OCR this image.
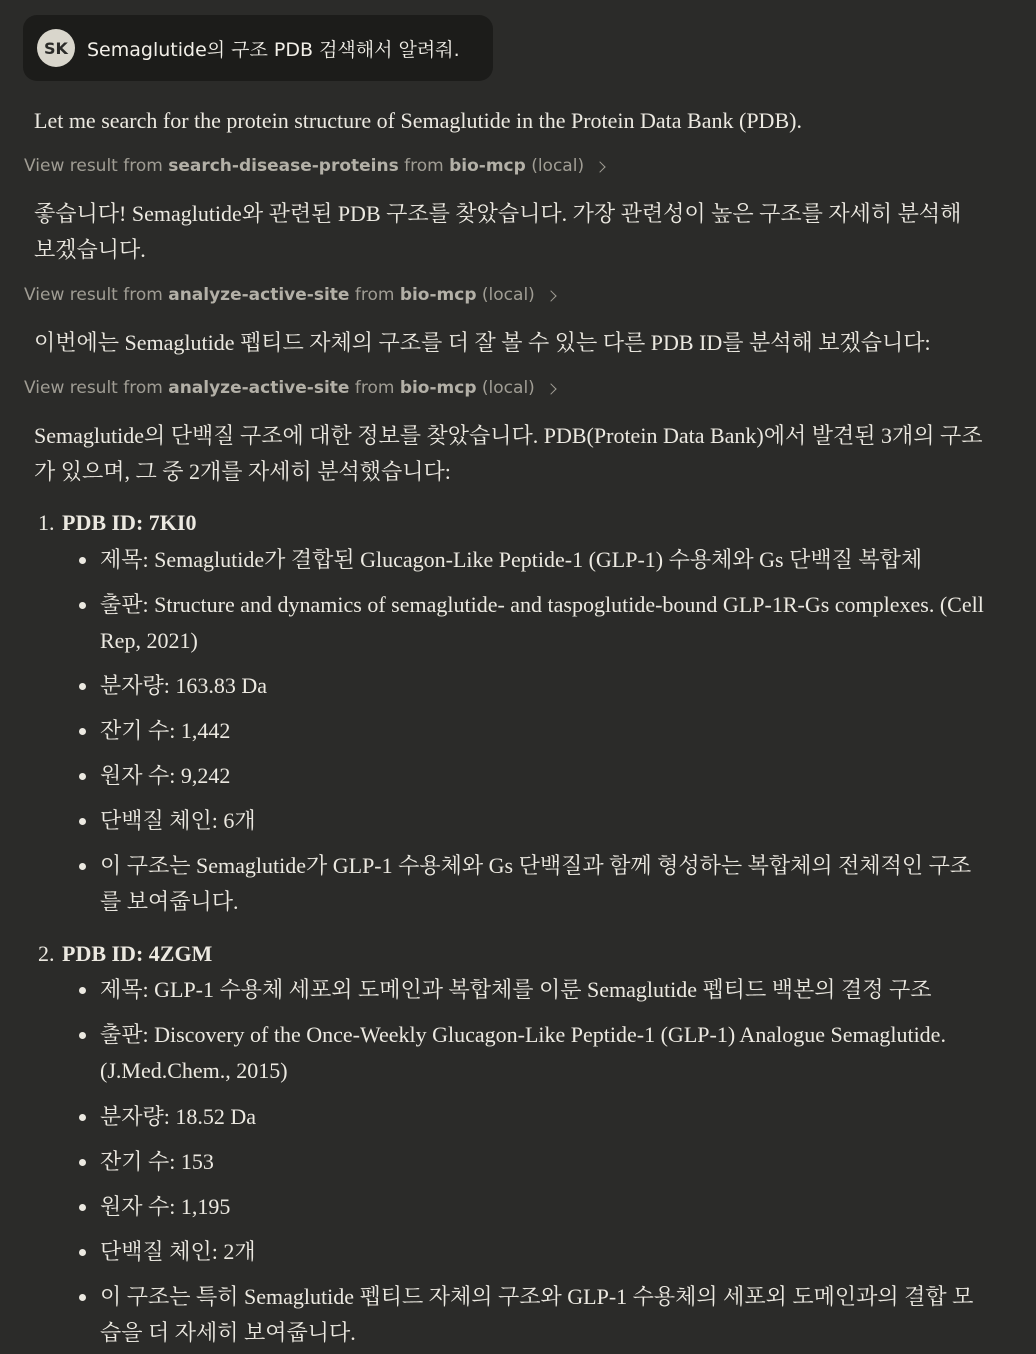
SK	Semaglutide의 구조 PDB 검색해서 알려줘.

Let me search for the protein structure of Semaglutide in the Protein Data Bank (PDB).

View result from
search-disease-proteins
from
bio-mcp
(local)

좋습니다! Semaglutide와 관련된 PDB 구조를 찾았습니다. 가장 관련성이 높은 구조를 자세히 분석해 보겠습니다.

View result from
analyze-active-site
from
bio-mcp
(local)

이번에는 Semaglutide 펩티드 자체의 구조를 더 잘 볼 수 있는 다른 PDB ID를 분석해 보겠습니다:

View result from
analyze-active-site
from
bio-mcp
(local)

Semaglutide의 단백질 구조에 대한 정보를 찾았습니다. PDB(Protein Data Bank)에서 발견된 3개의 구조가 있으며, 그 중 2개를 자세히 분석했습니다:

1. PDB ID: 7KI0
제목: Semaglutide가 결합된 Glucagon-Like Peptide-1 (GLP-1) 수용체와 Gs 단백질 복합체
출판: Structure and dynamics of semaglutide- and taspoglutide-bound GLP-1R-Gs complexes. (Cell Rep, 2021)
분자량: 163.83 Da
잔기 수: 1,442
원자 수: 9,242
단백질 체인: 6개
이 구조는 Semaglutide가 GLP-1 수용체와 Gs 단백질과 함께 형성하는 복합체의 전체적인 구조를 보여줍니다.
2. PDB ID: 4ZGM
제목: GLP-1 수용체 세포외 도메인과 복합체를 이룬 Semaglutide 펩티드 백본의 결정 구조
출판: Discovery of the Once-Weekly Glucagon-Like Peptide-1 (GLP-1) Analogue Semaglutide. (J.Med.Chem., 2015)
분자량: 18.52 Da
잔기 수: 153
원자 수: 1,195
단백질 체인: 2개
이 구조는 특히 Semaglutide 펩티드 자체의 구조와 GLP-1 수용체의 세포외 도메인과의 결합 모습을 더 자세히 보여줍니다.
